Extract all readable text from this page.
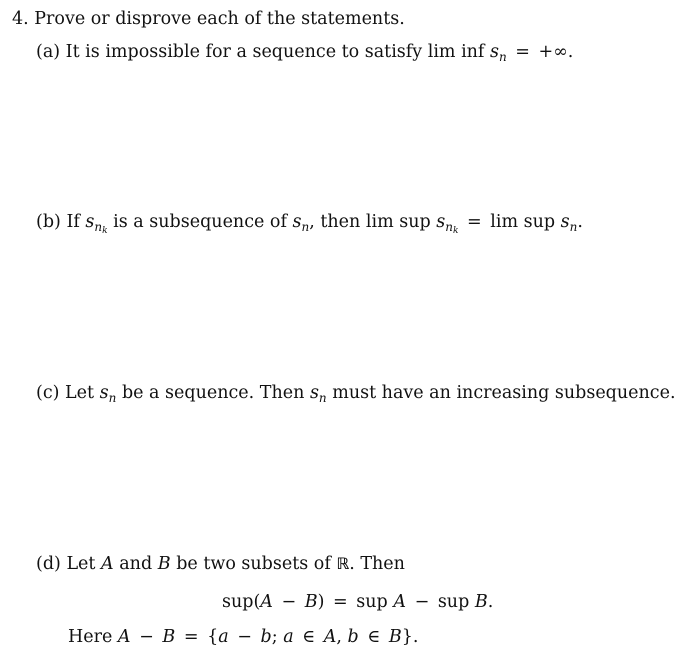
4. Prove or disprove each of the statements.
(a) It is impossible for a sequence to satisfy lim inf $s_n$ = +∞.
(b) If $s_{nk}$ is a subsequence of $s_n$, then lim sup $s_{nk} = \lim$ sup $s_n$.
(c) Let $s_n$ be a sequence. Then $s_n$ must have an increasing subsequence.
(d) Let A and B be two subsets of ℝ. Then
sup(A − B) = sup A − sup B.
Here A − B = {a − b; a ∈ A, b ∈ B}.
